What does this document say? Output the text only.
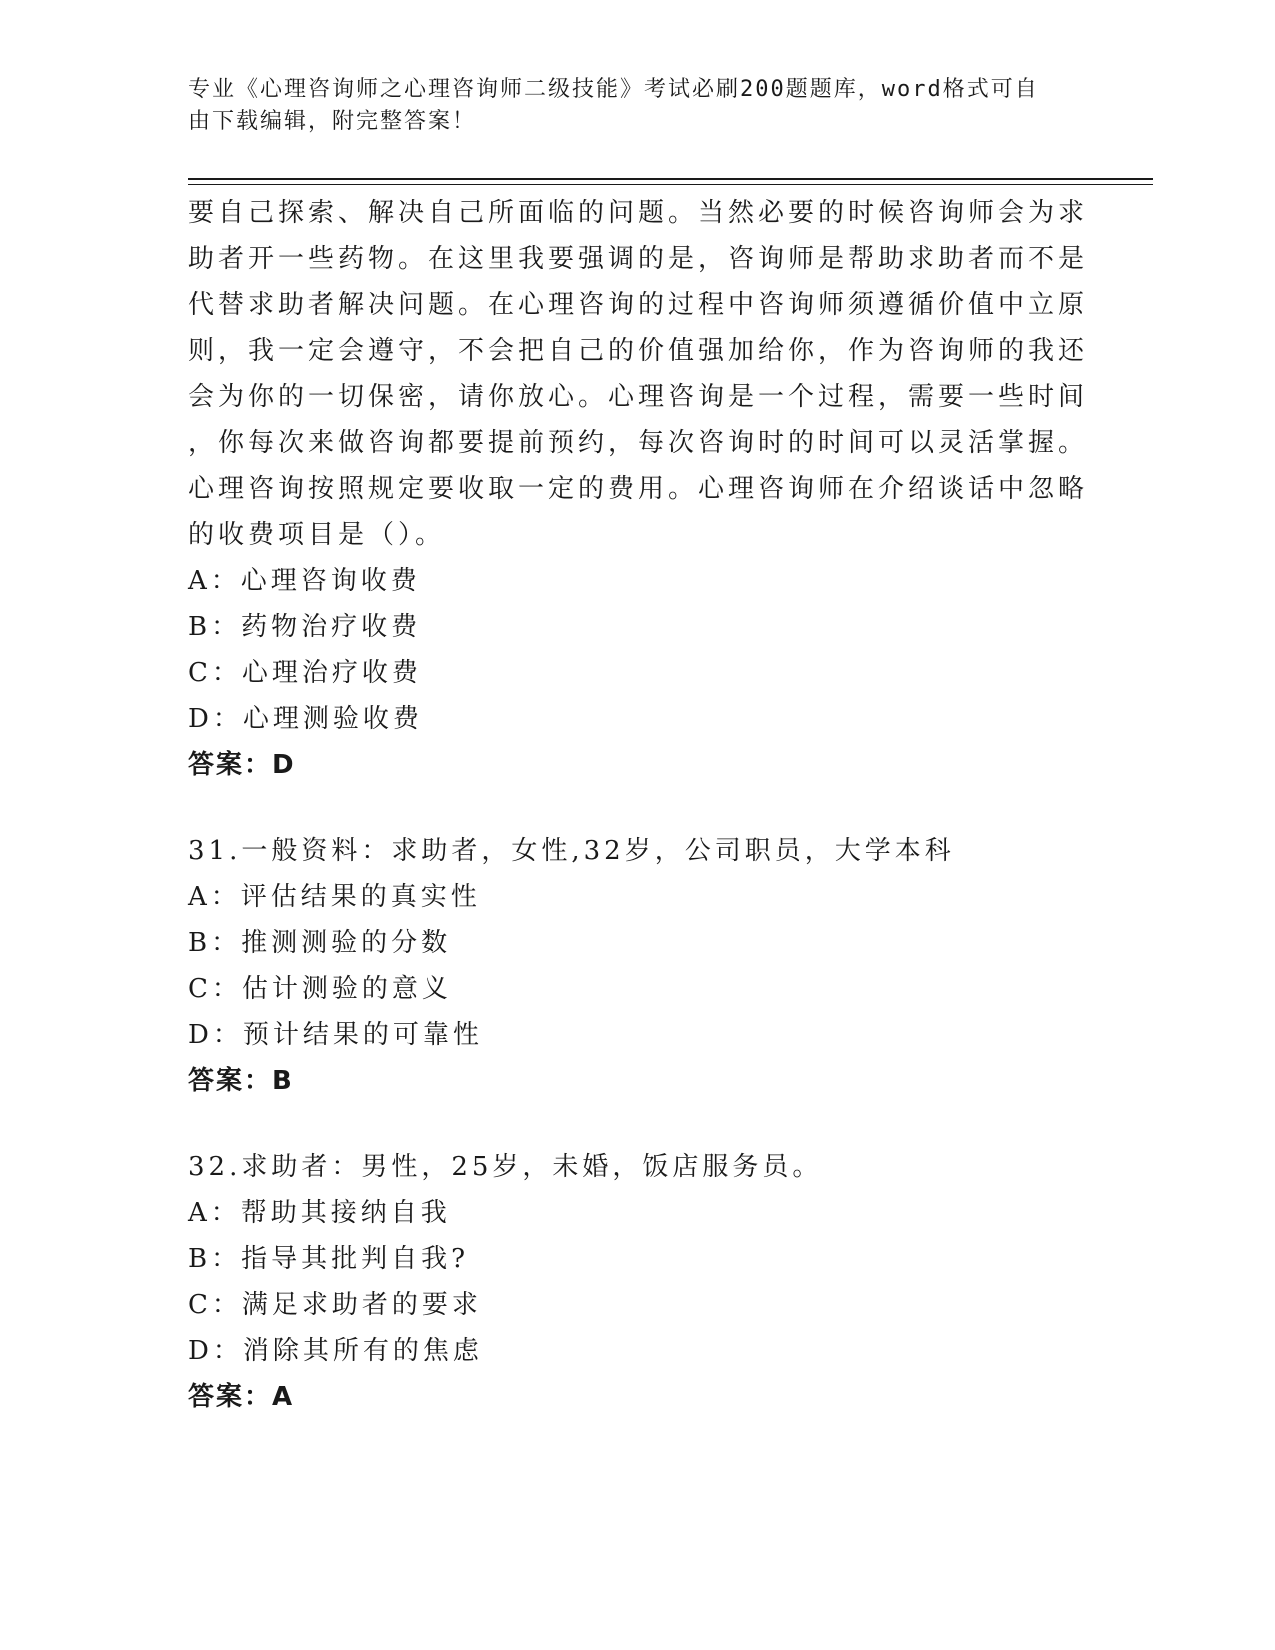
专业《心理咨询师之心理咨询师二级技能》考试必刷200题题库，word格式可自
由下载编辑，附完整答案！
要自己探索、解决自己所面临的问题。当然必要的时候咨询师会为求
助者开一些药物。在这里我要强调的是，咨询师是帮助求助者而不是
代替求助者解决问题。在心理咨询的过程中咨询师须遵循价值中立原
则，我一定会遵守，不会把自己的价值强加给你，作为咨询师的我还
会为你的一切保密，请你放心。心理咨询是一个过程，需要一些时间
，你每次来做咨询都要提前预约，每次咨询时的时间可以灵活掌握。
心理咨询按照规定要收取一定的费用。心理咨询师在介绍谈话中忽略
的收费项目是（）。
A：心理咨询收费
B：药物治疗收费
C：心理治疗收费
D：心理测验收费
答案：D
31.一般资料：求助者，女性,32岁，公司职员，大学本科
A：评估结果的真实性
B：推测测验的分数
C：估计测验的意义
D：预计结果的可靠性
答案：B
32.求助者：男性，25岁，未婚，饭店服务员。
A：帮助其接纳自我
B：指导其批判自我?
C：满足求助者的要求
D：消除其所有的焦虑
答案：A
